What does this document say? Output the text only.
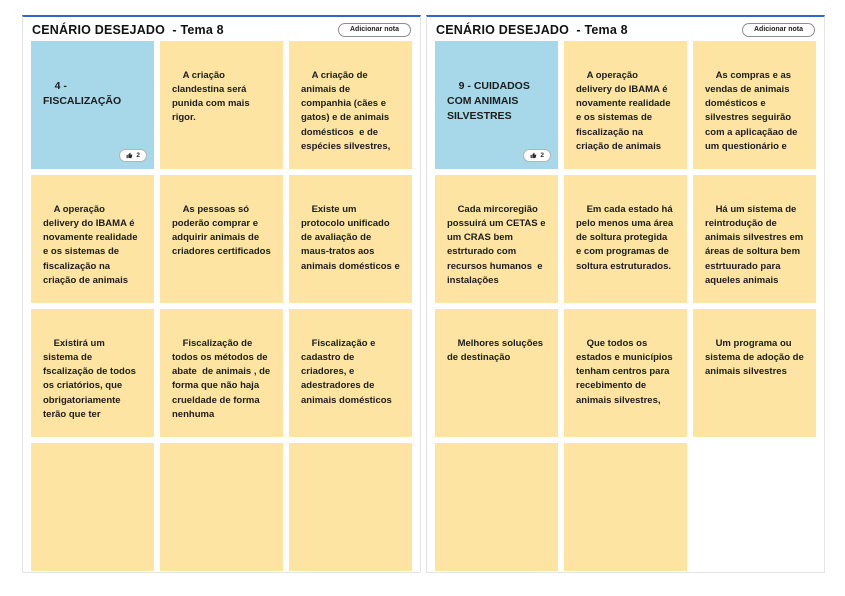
CENÁRIO DESEJADO  - Tema 8	Adicionar nota

4 - FISCALIZAÇÃO

2

A criação clandestina será punida com mais rigor.

A criação de animais de companhia (cães e gatos) e de animais domésticos  e de espécies silvestres,

A operação delivery do IBAMA é novamente realidade e os sistemas de fiscalização na criação de animais

As pessoas só poderão comprar e adquirir animais de criadores certificados

Existe um protocolo unificado de avaliação de maus-tratos aos animais domésticos e

Existirá um sistema de fscalização de todos os criatórios, que obrigatoriamente terão que ter

Fiscalização de todos os métodos de abate  de animais , de forma que não haja crueldade de forma nenhuma

Fiscalização e cadastro de criadores, e adestradores de animais domésticos

CENÁRIO DESEJADO  - Tema 8	Adicionar nota

9 - CUIDADOS COM ANIMAIS SILVESTRES

2

A operação delivery do IBAMA é novamente realidade e os sistemas de fiscalização na criação de animais

As compras e as vendas de animais domésticos e silvestres seguirão com a aplicaçãao de um questionário e

Cada mircoregião possuirá um CETAS e um CRAS bem estrturado com recursos humanos  e instalações

Em cada estado há pelo menos uma área de soltura protegida e com programas de soltura estruturados.

Há um sistema de reintrodução de animais silvestres em áreas de soltura bem estrtuurado para aqueles animais

Melhores soluções de destinação

Que todos os estados e municípios tenham centros para recebimento de animais silvestres,

Um programa ou sistema de adoção de animais silvestres
